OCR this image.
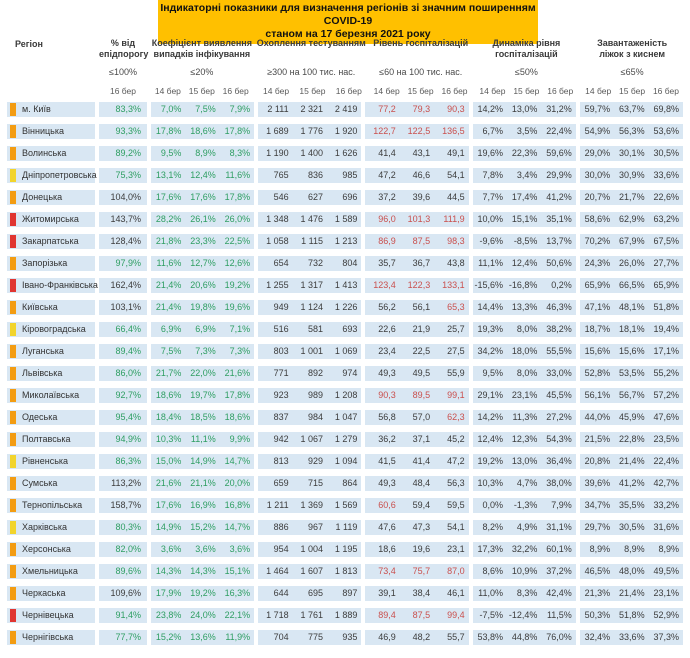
Індикаторні показники для визначення регіонів зі значним поширенням COVID-19
станом на 17 березня 2021 року
Регіон	% від
епідпорогу
≤100%
16 бер
Коефіцієнт виявлення
випадків інфікування
≤20%
14 бер 15 бер 16 бер
Охоплення тестуванням
≥300 на 100 тис. нас.
14 бер	15 бер	16 бер
Рівень госпіталізацій
≤60 на 100 тис. нас.
14 бер 15 бер 16 бер
Динаміка рівня
госпіталізацій
≤50%
14 бер 15 бер 16 бер
Завантаженість
ліжок з киснем
≤65%
14 бер 15 бер 16 бер
м. Київ	83,3%	7,0%	7,5%	7,9%	2 111	2 321	2 419	77,2	79,3	90,3	14,2% 13,0% 31,2%	59,7% 63,7% 69,8%
Вінницька	93,3%	17,8% 18,6% 17,8%	1 689	1 776	1 920	122,7	122,5	136,5	6,7%	3,5% 22,4%	54,9% 56,3% 53,6%
Волинська	89,2%	9,5%	8,9%	8,3%	1 190	1 400	1 626	41,4	43,1	49,1	19,6% 22,3% 59,6%	29,0% 30,1% 30,5%
Дніпропетровська	75,3%	13,1% 12,4%	11,6%	765	836	985	47,2	46,6	54,1	7,8%	3,4% 29,9%	30,0% 30,9% 33,6%
Донецька	104,0%	17,6% 17,6% 17,8%	546	627	696	37,2	39,6	44,5	7,7% 17,4% 41,2%	20,7% 21,7% 22,6%
Житомирська	143,7%	28,2% 26,1% 26,0%	1 348	1 476	1 589	96,0	101,3	111,9	10,0% 15,1% 35,1%	58,6% 62,9% 63,2%
Закарпатська	128,4%	21,8% 23,3% 22,5%	1 058	1 115	1 213	86,9	87,5	98,3	-9,6%	-8,5% 13,7%	70,2% 67,9% 67,5%
Запорізька	97,9%	11,6% 12,7% 12,6%	654	732	804	35,7	36,7	43,8	11,1% 12,4% 50,6%	24,3% 26,0% 27,7%
Івано-Франківська	162,4%	21,4% 20,6% 19,2%	1 255	1 317	1 413	123,4	122,3	133,1	-15,6% -16,8%	0,2%	65,9% 66,5% 65,9%
Київська	103,1%	21,4% 19,8% 19,6%	949	1 124	1 226	56,2	56,1	65,3	14,4% 13,3% 46,3%	47,1% 48,1% 51,8%
Кіровоградська	66,4%	6,9%	6,9%	7,1%	516	581	693	22,6	21,9	25,7	19,3%	8,0% 38,2%	18,7% 18,1% 19,4%
Луганська	89,4%	7,5%	7,3%	7,3%	803	1 001	1 069	23,4	22,5	27,5	34,2% 18,0% 55,5%	15,6% 15,6% 17,1%
Львівська	86,0%	21,7% 22,0% 21,6%	771	892	974	49,3	49,5	55,9	9,5%	8,0% 33,0%	52,8% 53,5% 55,2%
Миколаївська	92,7%	18,6% 19,7% 17,8%	923	989	1 208	90,3	89,5	99,1	29,1% 23,1% 45,5%	56,1% 56,7% 57,2%
Одеська	95,4%	18,4% 18,5% 18,6%	837	984	1 047	56,8	57,0	62,3	14,2%	11,3% 27,2%	44,0% 45,9% 47,6%
Полтавська	94,9%	10,3%	11,1%	9,9%	942	1 067	1 279	36,2	37,1	45,2	12,4% 12,3% 54,3%	21,5% 22,8% 23,5%
Рівненська	86,3%	15,0% 14,9% 14,7%	813	929	1 094	41,5	41,4	47,2	19,2% 13,0% 36,4%	20,8% 21,4% 22,4%
Сумська	113,2%	21,6% 21,1% 20,0%	659	715	864	49,3	48,4	56,3	10,3%	4,7% 38,0%	39,6% 41,2% 42,7%
Тернопільська	158,7%	17,6% 16,9% 16,8%	1 211	1 369	1 569	60,6	59,4	59,5	0,0%	-1,3%	7,9%	34,7% 35,5% 33,2%
Харківська	80,3%	14,9% 15,2% 14,7%	886	967	1 119	47,6	47,3	54,1	8,2%	4,9% 31,1%	29,7% 30,5% 31,6%
Херсонська	82,0%	3,6%	3,6%	3,6%	954	1 004	1 195	18,6	19,6	23,1	17,3% 32,2% 60,1%	8,9%	8,9%	8,9%
Хмельницька	89,6%	14,3% 14,3% 15,1%	1 464	1 607	1 813	73,4	75,7	87,0	8,6% 10,9% 37,2%	46,5% 48,0% 49,5%
Черкаська	109,6%	17,9% 19,2% 16,3%	644	695	897	39,1	38,4	46,1	11,0%	8,3% 42,4%	21,3% 21,4% 23,1%
Чернівецька	91,4%	23,8% 24,0% 22,1%	1 718	1 761	1 889	89,4	87,5	99,4	-7,5% -12,4%	11,5%	50,3% 51,8% 52,9%
Чернігівська	77,7%	15,2% 13,6%	11,9%	704	775	935	46,9	48,2	55,7	53,8% 44,8% 76,0%	32,4% 33,6% 37,3%
